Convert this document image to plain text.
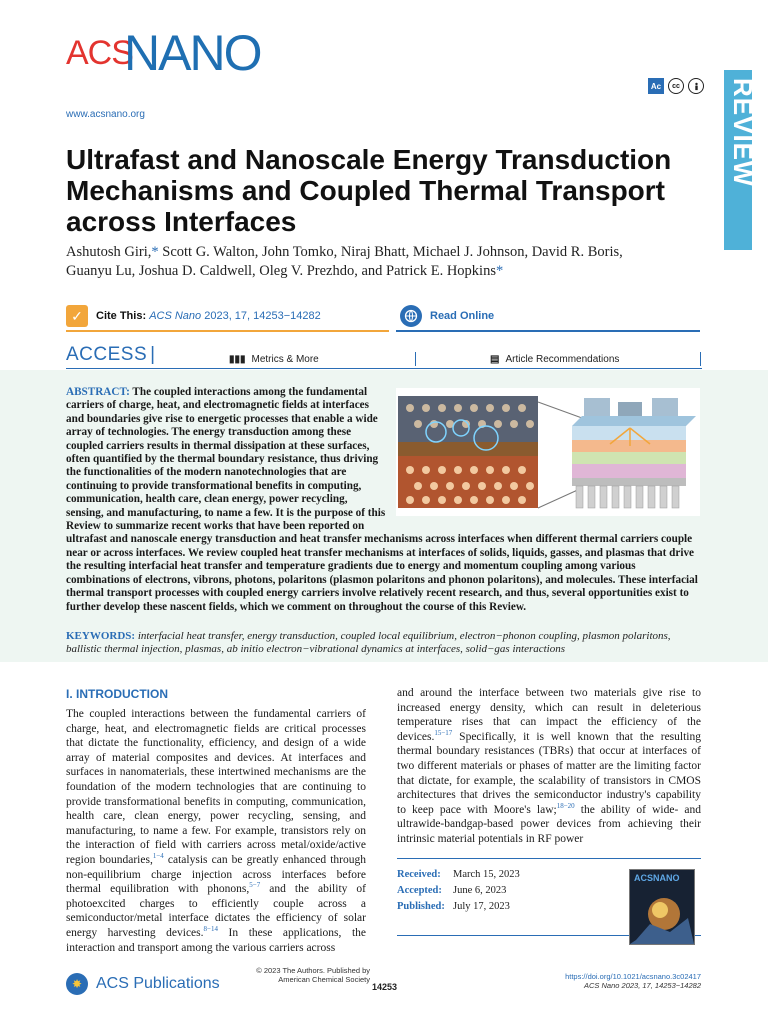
ACS
NANO
www.acsnano.org
Ac	cc REVIEW
Ultrafast and Nanoscale Energy Transduction Mechanisms and Coupled Thermal Transport across Interfaces
Ashutosh Giri,* Scott G. Walton, John Tomko, Niraj Bhatt, Michael J. Johnson, David R. Boris,
Guanyu Lu, Joshua D. Caldwell, Oleg V. Prezhdo, and Patrick E. Hopkins*
✓	Cite This: ACS Nano 2023, 17, 14253−14282	Read Online
ACCESS |	▮▮▮ Metrics & More	▤ Article Recommendations
ABSTRACT: The coupled interactions among the fundamental carriers of charge, heat, and electromagnetic fields at interfaces and boundaries give rise to energetic processes that enable a wide array of technologies. The energy transduction among these coupled carriers results in thermal dissipation at these surfaces, often quantified by the thermal boundary resistance, thus driving the functionalities of the modern nanotechnologies that are continuing to provide transformational benefits in computing, communication, health care, clean energy, power recycling, sensing, and manufacturing, to name a few. It is the purpose of this Review to summarize recent works that have been reported on ultrafast and nanoscale energy transduction and heat transfer mechanisms across interfaces when different thermal carriers couple near or across interfaces. We review coupled heat transfer mechanisms at interfaces of solids, liquids, gasses, and plasmas that drive the resulting interfacial heat transfer and temperature gradients due to energy and momentum coupling among various combinations of electrons, vibrons, photons, polaritons (plasmon polaritons and phonon polaritons), and molecules. These interfacial thermal transport processes with coupled energy carriers involve relatively recent research, and thus, several opportunities exist to further develop these nascent fields, which we comment on throughout the course of this Review.
KEYWORDS: interfacial heat transfer, energy transduction, coupled local equilibrium, electron−phonon coupling, plasmon polaritons, ballistic thermal injection, plasmas, ab initio electron−vibrational dynamics at interfaces, solid−gas interactions
I. INTRODUCTION
The coupled interactions between the fundamental carriers of charge, heat, and electromagnetic fields are critical processes that dictate the functionality, efficiency, and design of a wide array of material composites and devices. At interfaces and surfaces in nanomaterials, these intertwined mechanisms are the foundation of the modern technologies that are continuing to provide transformational benefits in computing, communication, health care, clean energy, power recycling, sensing, and manufacturing, to name a few. For example, transistors rely on the interaction of field with carriers across metal/oxide/active region boundaries,$^{1-4}$ catalysis can be greatly enhanced through non-equilibrium charge injection across interfaces before thermal equilibration with phonons,$^{5-7}$ and the ability of photoexcited charges to efficiently couple across a semiconductor/metal interface dictates the efficiency of solar energy harvesting devices.$^{8-14}$ In these applications, the interaction and transport among the various carriers across
and around the interface between two materials give rise to increased energy density, which can result in deleterious temperature rises that can impact the efficiency of the devices.$^{15-17}$ Specifically, it is well known that the resulting thermal boundary resistances (TBRs) that occur at interfaces of two different materials or phases of matter are the limiting factor that dictate, for example, the scalability of transistors in CMOS architectures that drives the semiconductor industry's capability to keep pace with Moore's law;$^{18-20}$ the ability of wide- and ultrawide-bandgap-based power devices from achieving their intrinsic material potentials in RF power
Received: March 15, 2023
Accepted: June 6, 2023
Published: July 17, 2023
ACSNANO
✸ ACS Publications
© 2023 The Authors. Published by
American Chemical Society
14253
https://doi.org/10.1021/acsnano.3c02417
ACS Nano 2023, 17, 14253−14282
